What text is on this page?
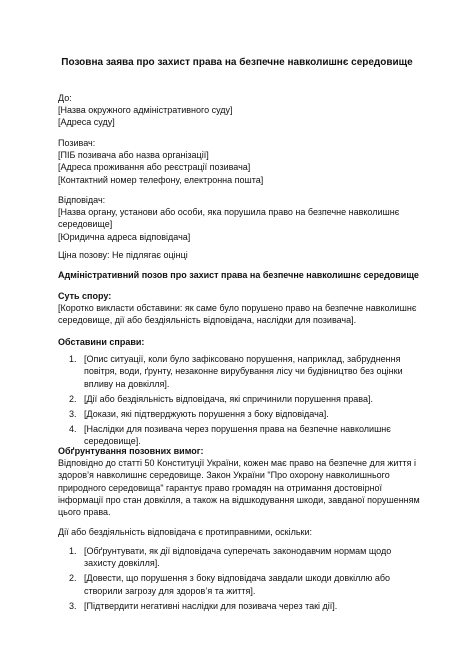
Позовна заява про захист права на безпечне навколишнє середовище
До:
[Назва окружного адміністративного суду]
[Адреса суду]
Позивач:
[ПІБ позивача або назва організації]
[Адреса проживання або реєстрації позивача]
[Контактний номер телефону, електронна пошта]
Відповідач:
[Назва органу, установи або особи, яка порушила право на безпечне навколишнє
середовище]
[Юридична адреса відповідача]
Ціна позову: Не підлягає оцінці
Адміністративний позов про захист права на безпечне навколишнє середовище
Суть спору:
[Коротко викласти обставини: як саме було порушено право на безпечне навколишнє
середовище, дії або бездіяльність відповідача, наслідки для позивача].
Обставини справи:
1. [Опис ситуації, коли було зафіксовано порушення, наприклад, забруднення
повітря, води, ґрунту, незаконне вирубування лісу чи будівництво без оцінки
впливу на довкілля].
2. [Дії або бездіяльність відповідача, які спричинили порушення права].
3. [Докази, які підтверджують порушення з боку відповідача].
4. [Наслідки для позивача через порушення права на безпечне навколишнє
середовище].
Обґрунтування позовних вимог:
Відповідно до статті 50 Конституції України, кожен має право на безпечне для життя і
здоров’я навколишнє середовище. Закон України "Про охорону навколишнього
природного середовища" гарантує право громадян на отримання достовірної
інформації про стан довкілля, а також на відшкодування шкоди, завданої порушенням
цього права.
Дії або бездіяльність відповідача є протиправними, оскільки:
1. [Обґрунтувати, як дії відповідача суперечать законодавчим нормам щодо
захисту довкілля].
2. [Довести, що порушення з боку відповідача завдали шкоди довкіллю або
створили загрозу для здоров’я та життя].
3. [Підтвердити негативні наслідки для позивача через такі дії].
